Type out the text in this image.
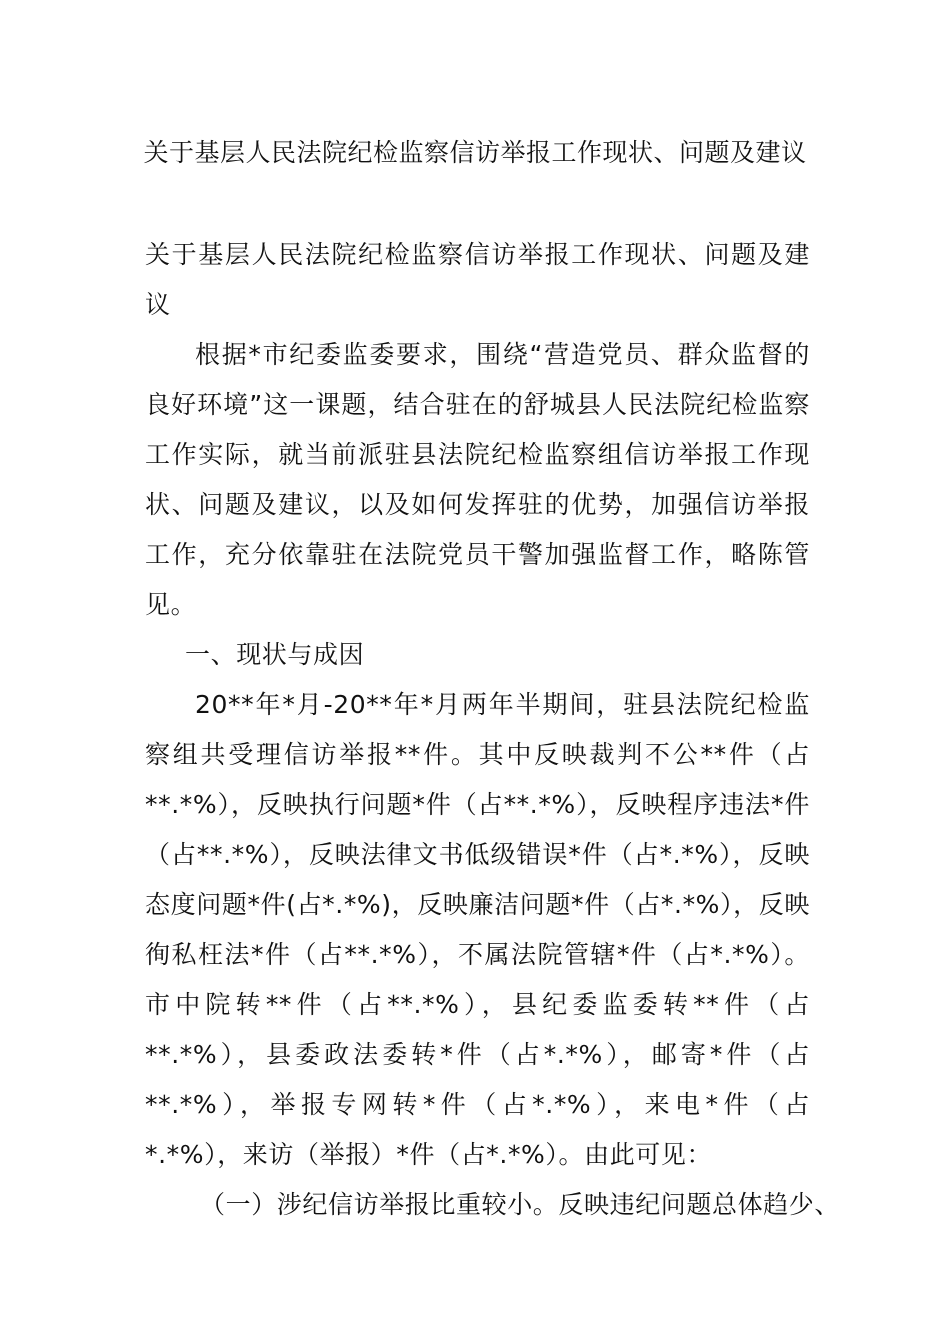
关于基层人民法院纪检监察信访举报工作现状、问题及建议

关于基层人民法院纪检监察信访举报工作现状、问题及建议

根据*市纪委监委要求，围绕“营造党员、群众监督的良好环境”这一课题，结合驻在的舒城县人民法院纪检监察工作实际，就当前派驻县法院纪检监察组信访举报工作现状、问题及建议，以及如何发挥驻的优势，加强信访举报工作，充分依靠驻在法院党员干警加强监督工作，略陈管见。

一、现状与成因

20**年*月-20**年*月两年半期间，驻县法院纪检监察组共受理信访举报**件。其中反映裁判不公**件（占**.*%），反映执行问题*件（占**.*%），反映程序违法*件（占**.*%），反映法律文书低级错误*件（占*.*%），反映态度问题*件(占*.*%)，反映廉洁问题*件（占*.*%），反映徇私枉法*件（占**.*%），不属法院管辖*件（占*.*%）。市中院转**件（占**.*%），县纪委监委转**件（占**.*%），县委政法委转*件（占*.*%），邮寄*件（占**.*%），举报专网转*件（占*.*%），来电*件（占*.*%），来访（举报）*件（占*.*%）。由此可见：

（一）涉纪信访举报比重较小。反映违纪问题总体趋少、
